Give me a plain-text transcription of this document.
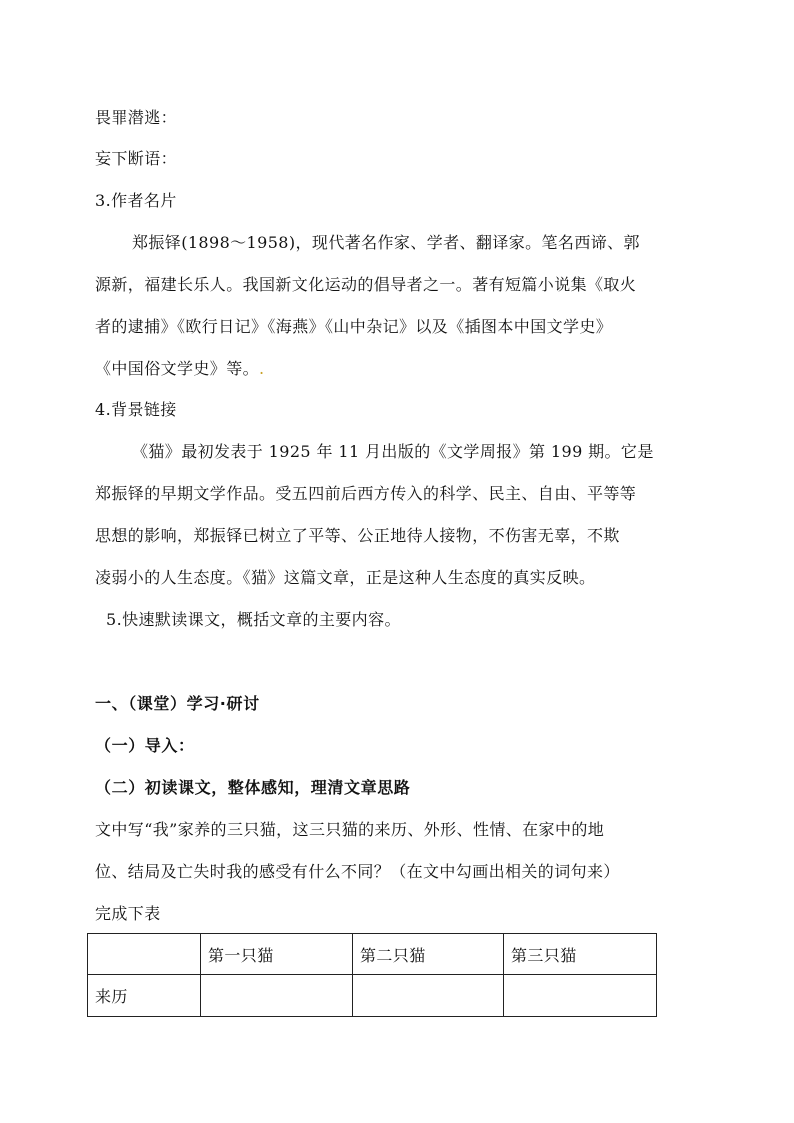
畏罪潜逃：
妄下断语：
3.作者名片
郑振铎(1898～1958)，现代著名作家、学者、翻译家。笔名西谛、郭
源新，福建长乐人。我国新文化运动的倡导者之一。著有短篇小说集《取火
者的逮捕》《欧行日记》《海燕》《山中杂记》以及《插图本中国文学史》
《中国俗文学史》等。.
4.背景链接
《猫》最初发表于 1925 年 11 月出版的《文学周报》第 199 期。它是
郑振铎的早期文学作品。受五四前后西方传入的科学、民主、自由、平等等
思想的影响，郑振铎已树立了平等、公正地待人接物，不伤害无辜，不欺
凌弱小的人生态度。《猫》这篇文章，正是这种人生态度的真实反映。
5.快速默读课文，概括文章的主要内容。
一、（课堂）学习·研讨
（一）导入：
（二）初读课文，整体感知，理清文章思路
文中写“我”家养的三只猫，这三只猫的来历、外形、性情、在家中的地
位、结局及亡失时我的感受有什么不同？（在文中勾画出相关的词句来）
完成下表
	第一只猫	第二只猫	第三只猫
来历			
